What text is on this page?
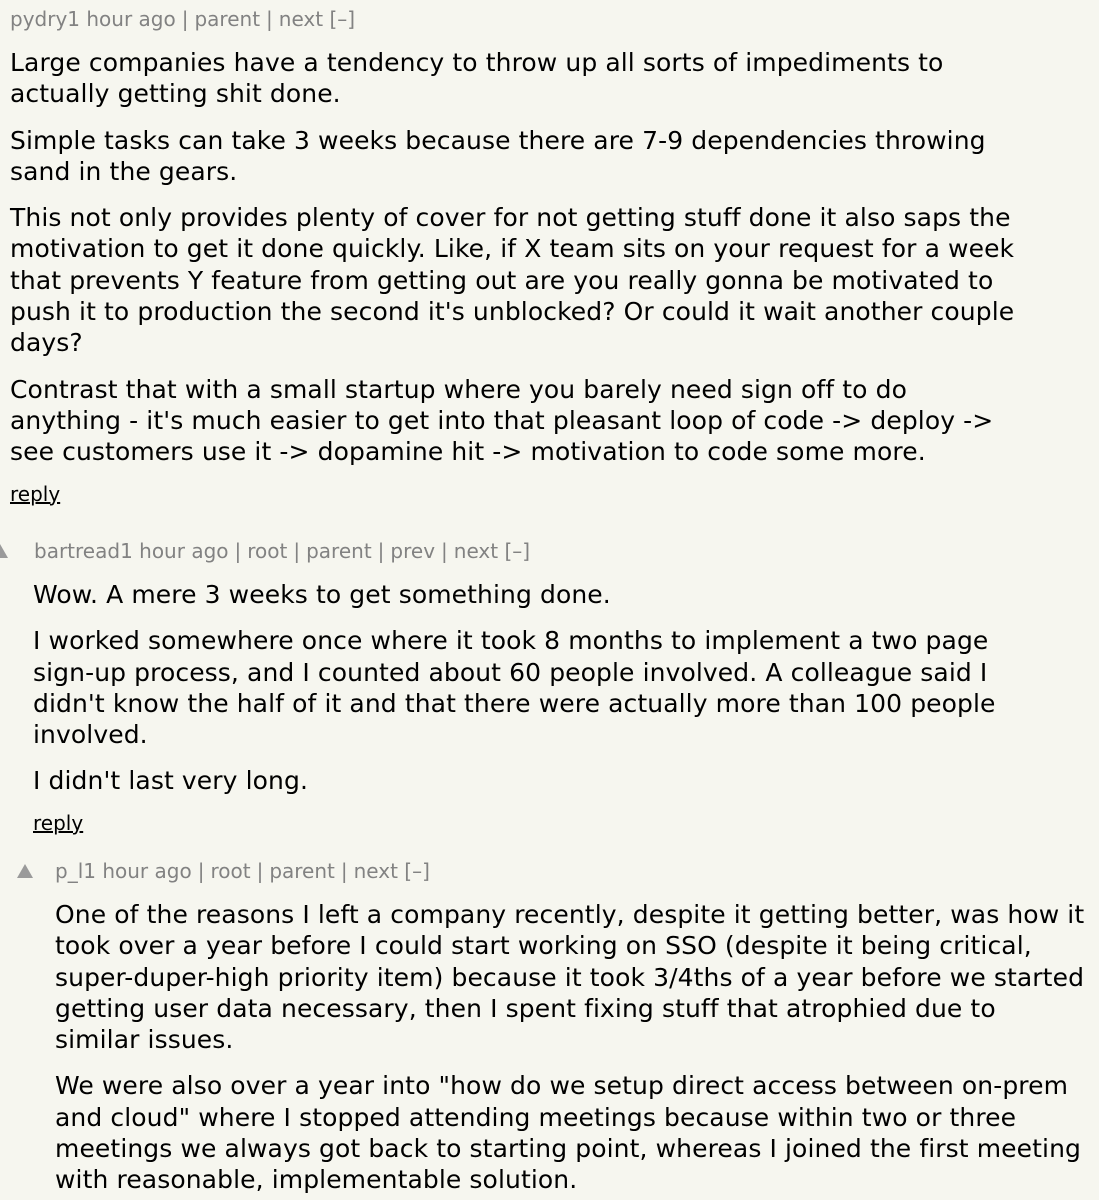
pydry 1 hour ago | parent | next [–]

Large companies have a tendency to throw up all sorts of impediments to actually getting shit done.

Simple tasks can take 3 weeks because there are 7-9 dependencies throwing sand in the gears.

This not only provides plenty of cover for not getting stuff done it also saps the motivation to get it done quickly. Like, if X team sits on your request for a week that prevents Y feature from getting out are you really gonna be motivated to push it to production the second it's unblocked? Or could it wait another couple days?

Contrast that with a small startup where you barely need sign off to do anything - it's much easier to get into that pleasant loop of code -> deploy -> see customers use it -> dopamine hit -> motivation to code some more.

reply
bartread 1 hour ago | root | parent | prev | next [–]

Wow. A mere 3 weeks to get something done.

I worked somewhere once where it took 8 months to implement a two page sign-up process, and I counted about 60 people involved. A colleague said I didn't know the half of it and that there were actually more than 100 people involved.

I didn't last very long.

reply
p_l 1 hour ago | root | parent | next [–]

One of the reasons I left a company recently, despite it getting better, was how it took over a year before I could start working on SSO (despite it being critical, super-duper-high priority item) because it took 3/4ths of a year before we started getting user data necessary, then I spent fixing stuff that atrophied due to similar issues.

We were also over a year into "how do we setup direct access between on-prem and cloud" where I stopped attending meetings because within two or three meetings we always got back to starting point, whereas I joined the first meeting with reasonable, implementable solution.
